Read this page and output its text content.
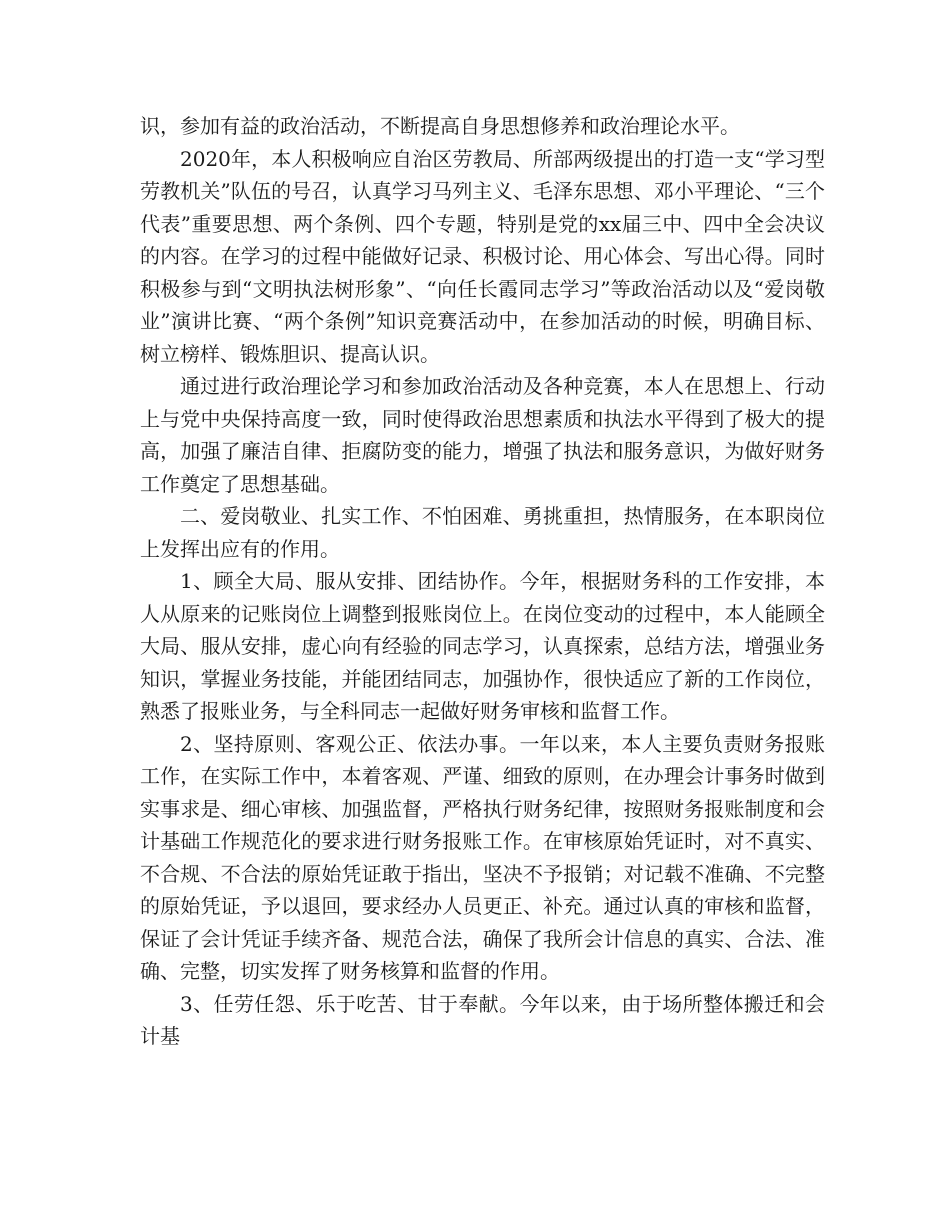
识，参加有益的政治活动，不断提高自身思想修养和政治理论水平。

2020年，本人积极响应自治区劳教局、所部两级提出的打造一支“学习型劳教机关”队伍的号召，认真学习马列主义、毛泽东思想、邓小平理论、“三个代表”重要思想、两个条例、四个专题，特别是党的xx届三中、四中全会决议的内容。在学习的过程中能做好记录、积极讨论、用心体会、写出心得。同时积极参与到“文明执法树形象”、“向任长霞同志学习”等政治活动以及“爱岗敬业”演讲比赛、“两个条例”知识竞赛活动中，在参加活动的时候，明确目标、树立榜样、锻炼胆识、提高认识。

通过进行政治理论学习和参加政治活动及各种竞赛，本人在思想上、行动上与党中央保持高度一致，同时使得政治思想素质和执法水平得到了极大的提高，加强了廉洁自律、拒腐防变的能力，增强了执法和服务意识，为做好财务工作奠定了思想基础。

二、爱岗敬业、扎实工作、不怕困难、勇挑重担，热情服务，在本职岗位上发挥出应有的作用。

1、顾全大局、服从安排、团结协作。今年，根据财务科的工作安排，本人从原来的记账岗位上调整到报账岗位上。在岗位变动的过程中，本人能顾全大局、服从安排，虚心向有经验的同志学习，认真探索，总结方法，增强业务知识，掌握业务技能，并能团结同志，加强协作，很快适应了新的工作岗位，熟悉了报账业务，与全科同志一起做好财务审核和监督工作。

2、坚持原则、客观公正、依法办事。一年以来，本人主要负责财务报账工作，在实际工作中，本着客观、严谨、细致的原则，在办理会计事务时做到实事求是、细心审核、加强监督，严格执行财务纪律，按照财务报账制度和会计基础工作规范化的要求进行财务报账工作。在审核原始凭证时，对不真实、不合规、不合法的原始凭证敢于指出，坚决不予报销；对记载不准确、不完整的原始凭证，予以退回，要求经办人员更正、补充。通过认真的审核和监督，保证了会计凭证手续齐备、规范合法，确保了我所会计信息的真实、合法、准确、完整，切实发挥了财务核算和监督的作用。

3、任劳任怨、乐于吃苦、甘于奉献。今年以来，由于场所整体搬迁和会计基
